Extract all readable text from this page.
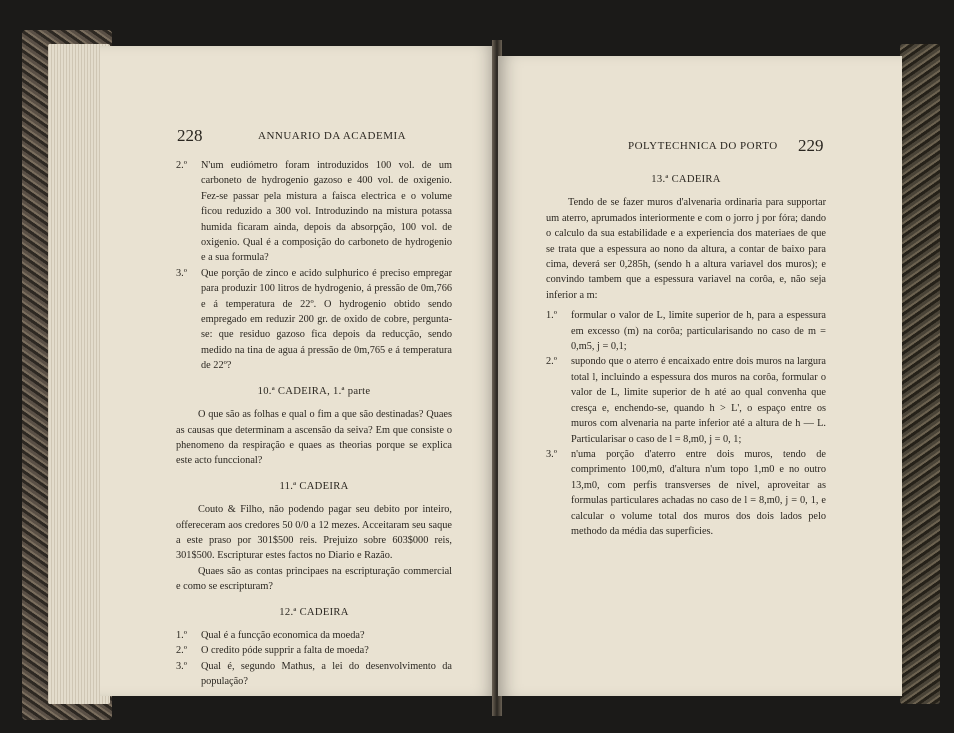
228	ANNUARIO DA ACADEMIA
2.º N'um eudiómetro foram introduzidos 100 vol. de um carboneto de hydrogenio gazoso e 400 vol. de oxigenio. Fez-se passar pela mistura a faisca electrica e o volume ficou reduzido a 300 vol. Introduzindo na mistura potassa humida ficaram ainda, depois da absorpção, 100 vol. de oxigenio. Qual é a composição do carboneto de hydrogenio e a sua formula?
3.º Que porção de zinco e acido sulphurico é preciso empregar para produzir 100 litros de hydrogenio, á pressão de 0m,766 e á temperatura de 22º. O hydrogenio obtido sendo empregado em reduzir 200 gr. de oxido de cobre, pergunta-se: que residuo gazoso fica depois da reducção, sendo medido na tina de agua á pressão de 0m,765 e á temperatura de 22º?
10.ª CADEIRA, 1.ª parte
O que são as folhas e qual o fim a que são destinadas? Quaes as causas que determinam a ascensão da seiva? Em que consiste o phenomeno da respiração e quaes as theorias porque se explica este acto funccional?
11.ª CADEIRA
Couto & Filho, não podendo pagar seu debito por inteiro, offereceram aos credores 50 0/0 a 12 mezes. Acceitaram seu saque a este praso por 301$500 reis. Prejuizo sobre 603$000 reis, 301$500. Escripturar estes factos no Diario e Razão.
Quaes são as contas principaes na escripturação commercial e como se escripturam?
12.ª CADEIRA
1.º Qual é a funcção economica da moeda?
2.º O credito póde supprir a falta de moeda?
3.º Qual é, segundo Mathus, a lei do desenvolvimento da população?
POLYTECHNICA DO PORTO 229
13.ª CADEIRA
Tendo de se fazer muros d'alvenaria ordinaria para supportar um aterro, aprumados interiormente e com o jorro j por fóra; dando o calculo da sua estabilidade e a experiencia dos materiaes de que se trata que a espessura ao nono da altura, a contar de baixo para cima, deverá ser 0,285h, (sendo h a altura variavel dos muros); e convindo tambem que a espessura variavel na corôa, e, não seja inferior a m:
1.º formular o valor de L, limite superior de h, para a espessura em excesso (m) na corôa; particularisando no caso de m = 0,m5, j = 0,1;
2.º supondo que o aterro é encaixado entre dois muros na largura total l, incluindo a espessura dos muros na corôa, formular o valor de L, limite superior de h até ao qual convenha que cresça e, enchendo-se, quando h > L', o espaço entre os muros com alvenaria na parte inferior até a altura de h — L. Particularisar o caso de l = 8,m0, j = 0, 1;
3.º n'uma porção d'aterro entre dois muros, tendo de comprimento 100,m0, d'altura n'um topo 1,m0 e no outro 13,m0, com perfis transverses de nivel, aproveitar as formulas particulares achadas no caso de l = 8,m0, j = 0, 1, e calcular o volume total dos muros dos dois lados pelo methodo da média das superficies.
